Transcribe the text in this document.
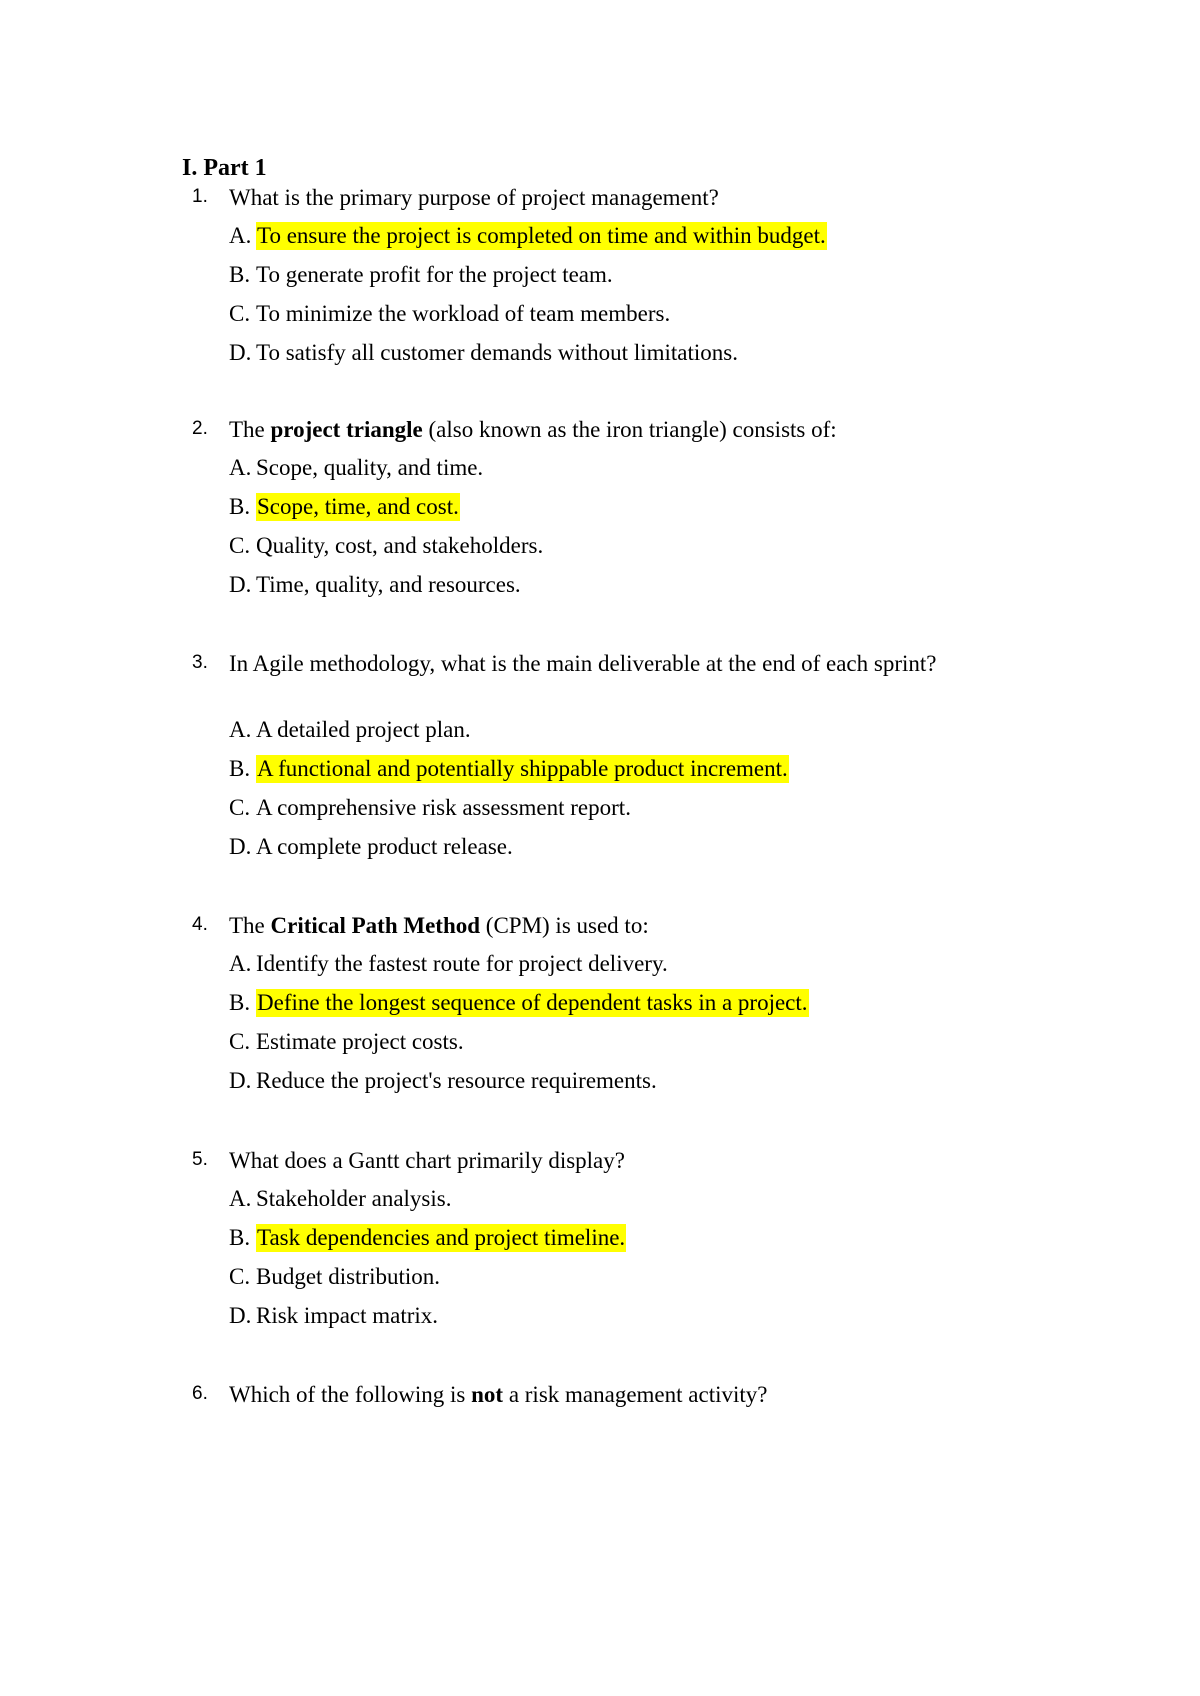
I. Part 1
1. What is the primary purpose of project management?
A. To ensure the project is completed on time and within budget.
B. To generate profit for the project team.
C. To minimize the workload of team members.
D. To satisfy all customer demands without limitations.
2. The project triangle (also known as the iron triangle) consists of:
A. Scope, quality, and time.
B. Scope, time, and cost.
C. Quality, cost, and stakeholders.
D. Time, quality, and resources.
3. In Agile methodology, what is the main deliverable at the end of each sprint?
A. A detailed project plan.
B. A functional and potentially shippable product increment.
C. A comprehensive risk assessment report.
D. A complete product release.
4. The Critical Path Method (CPM) is used to:
A. Identify the fastest route for project delivery.
B. Define the longest sequence of dependent tasks in a project.
C. Estimate project costs.
D. Reduce the project's resource requirements.
5. What does a Gantt chart primarily display?
A. Stakeholder analysis.
B. Task dependencies and project timeline.
C. Budget distribution.
D. Risk impact matrix.
6. Which of the following is not a risk management activity?
